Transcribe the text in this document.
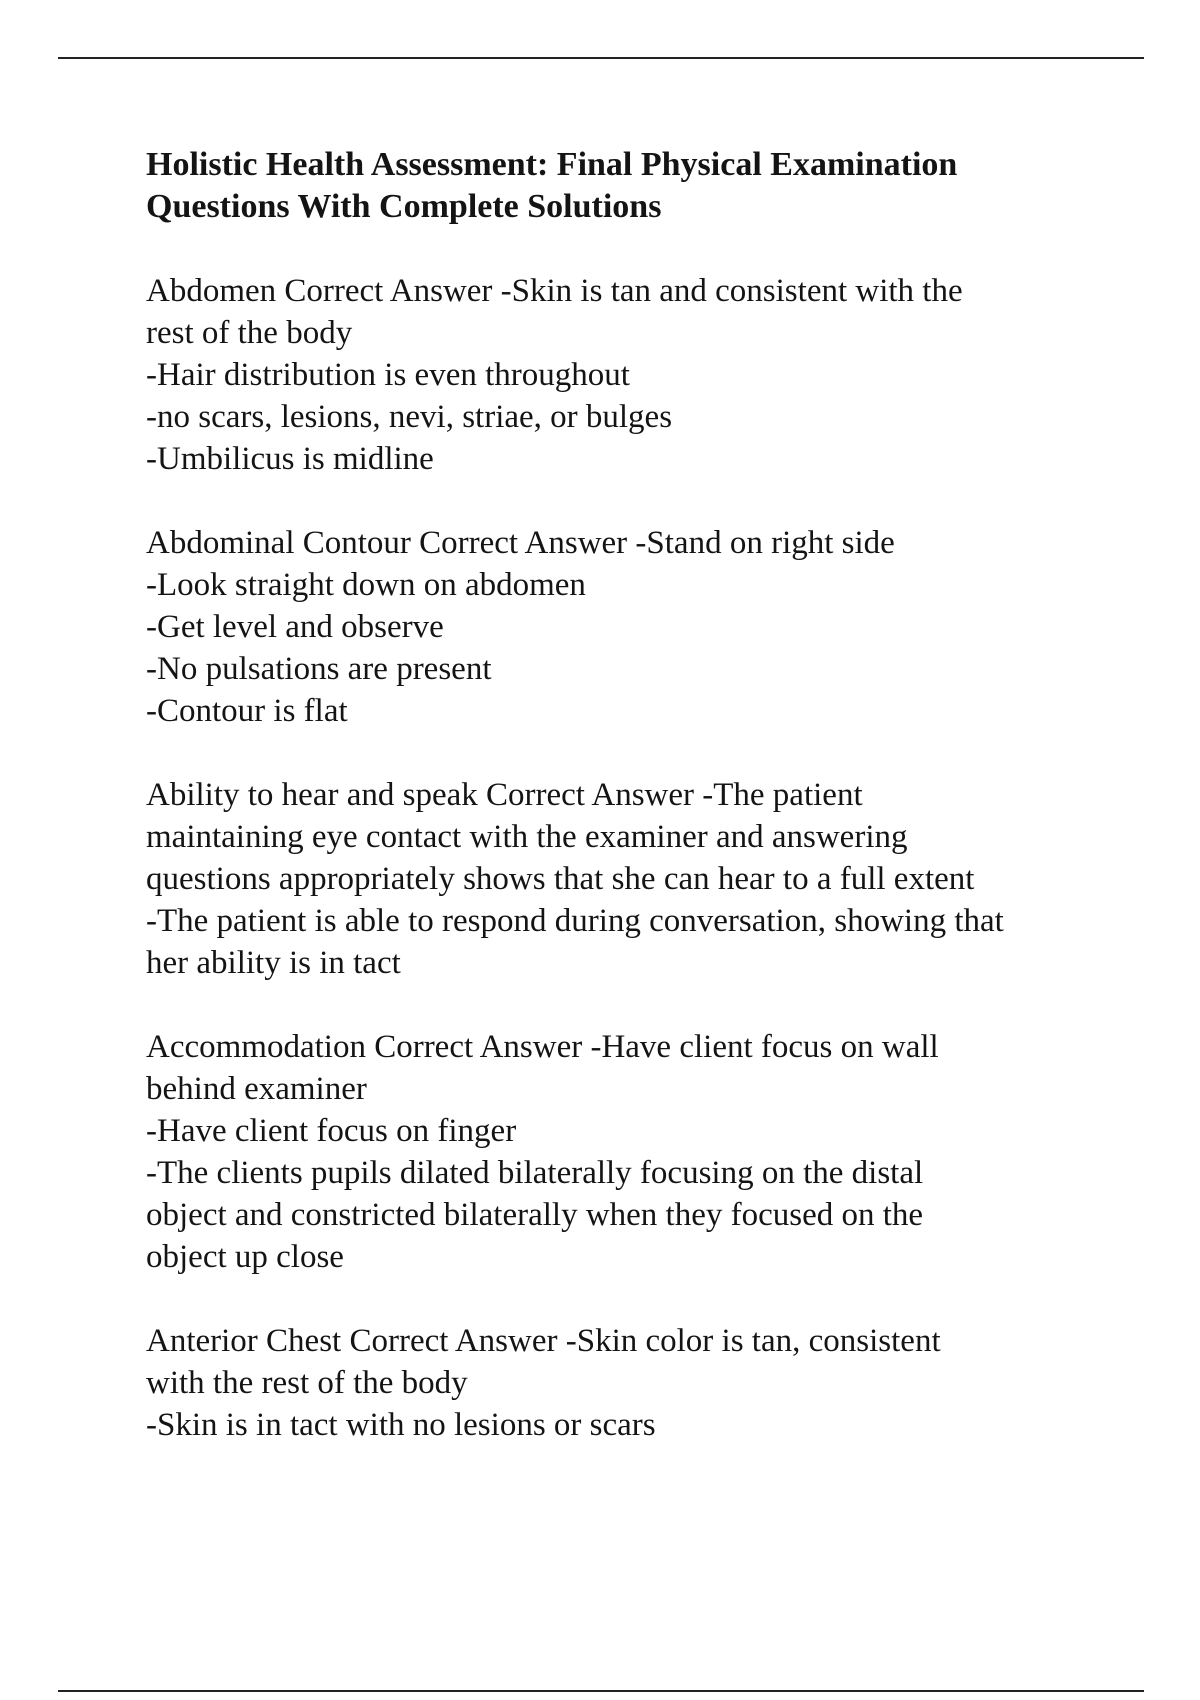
Holistic Health Assessment: Final Physical Examination
Questions With Complete Solutions
Abdomen Correct Answer -Skin is tan and consistent with the
rest of the body
-Hair distribution is even throughout
-no scars, lesions, nevi, striae, or bulges
-Umbilicus is midline
Abdominal Contour Correct Answer -Stand on right side
-Look straight down on abdomen
-Get level and observe
-No pulsations are present
-Contour is flat
Ability to hear and speak Correct Answer -The patient
maintaining eye contact with the examiner and answering
questions appropriately shows that she can hear to a full extent
-The patient is able to respond during conversation, showing that
her ability is in tact
Accommodation Correct Answer -Have client focus on wall
behind examiner
-Have client focus on finger
-The clients pupils dilated bilaterally focusing on the distal
object and constricted bilaterally when they focused on the
object up close
Anterior Chest Correct Answer -Skin color is tan, consistent
with the rest of the body
-Skin is in tact with no lesions or scars
